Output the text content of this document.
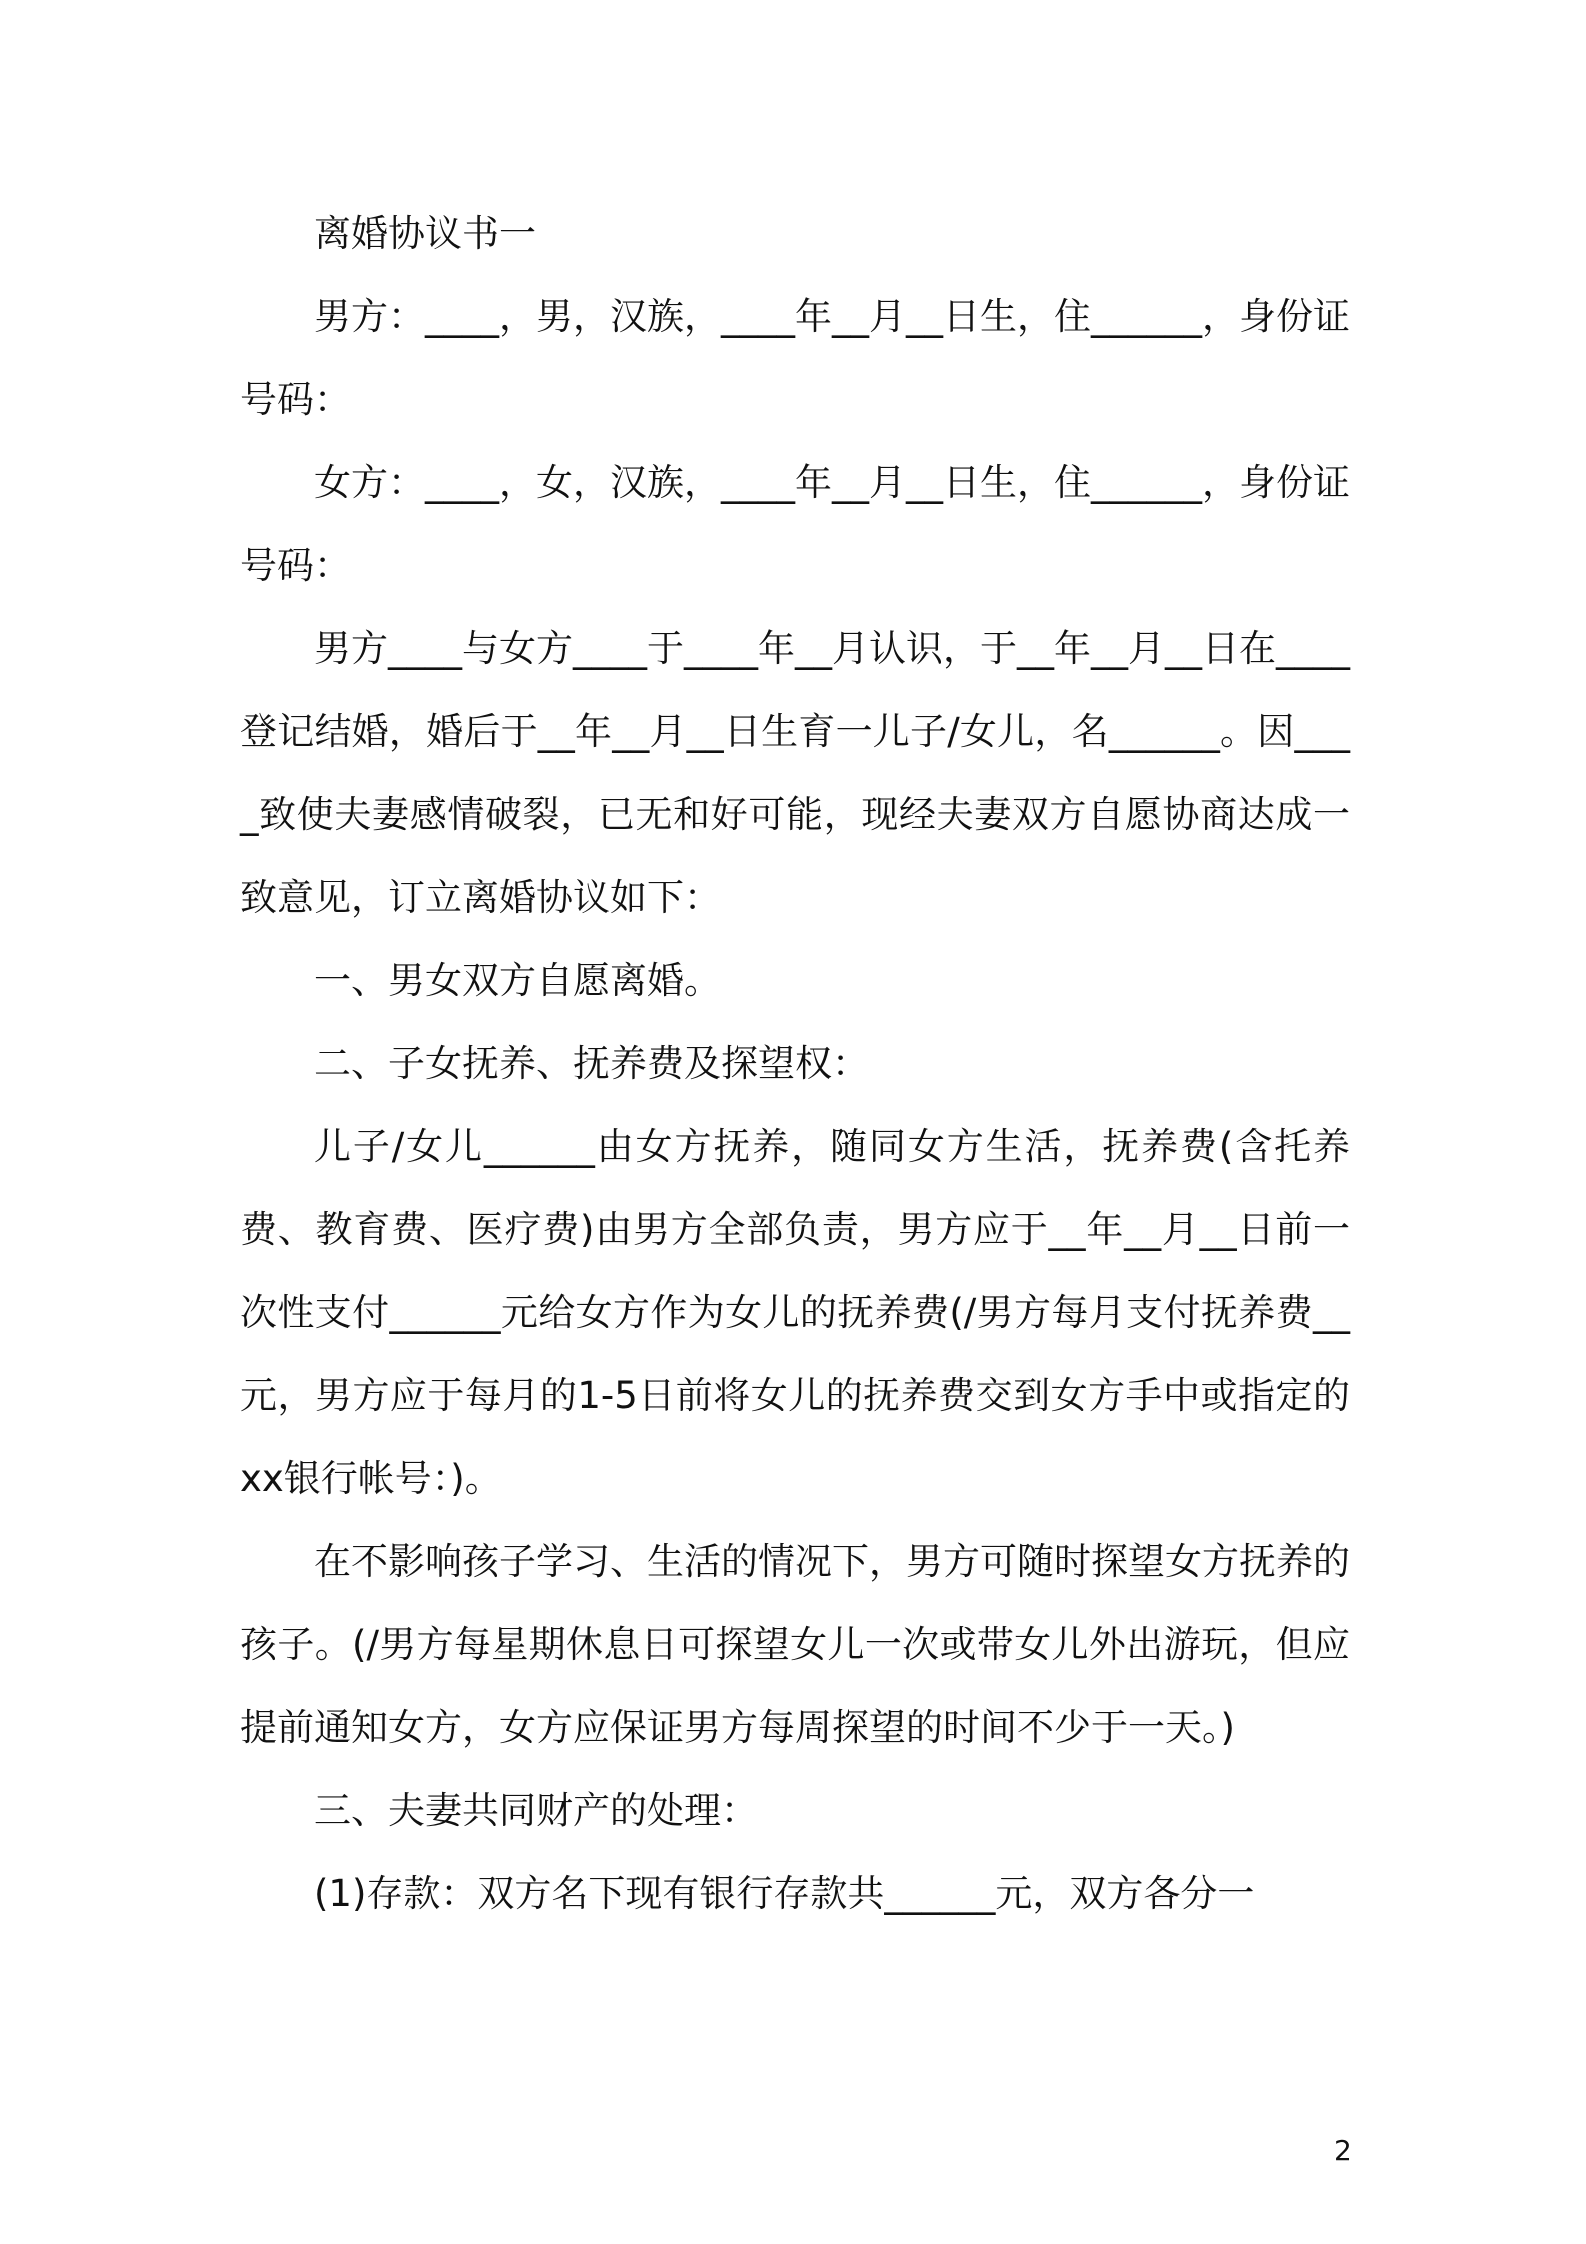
离婚协议书一

男方：____，男，汉族，____年__月__日生，住______，身份证号码：

女方：____，女，汉族，____年__月__日生，住______，身份证号码：

男方____与女方____于____年__月认识，于__年__月__日在____登记结婚，婚后于__年__月__日生育一儿子/女儿，名______。因____致使夫妻感情破裂，已无和好可能，现经夫妻双方自愿协商达成一致意见，订立离婚协议如下：

一、男女双方自愿离婚。

二、子女抚养、抚养费及探望权：

儿子/女儿______由女方抚养，随同女方生活，抚养费(含托养费、教育费、医疗费)由男方全部负责，男方应于__年__月__日前一次性支付______元给女方作为女儿的抚养费(/男方每月支付抚养费__元，男方应于每月的1-5日前将女儿的抚养费交到女方手中或指定的xx银行帐号：)。

在不影响孩子学习、生活的情况下，男方可随时探望女方抚养的孩子。(/男方每星期休息日可探望女儿一次或带女儿外出游玩，但应提前通知女方，女方应保证男方每周探望的时间不少于一天。)

三、夫妻共同财产的处理：

(1)存款：双方名下现有银行存款共______元，双方各分一

2
